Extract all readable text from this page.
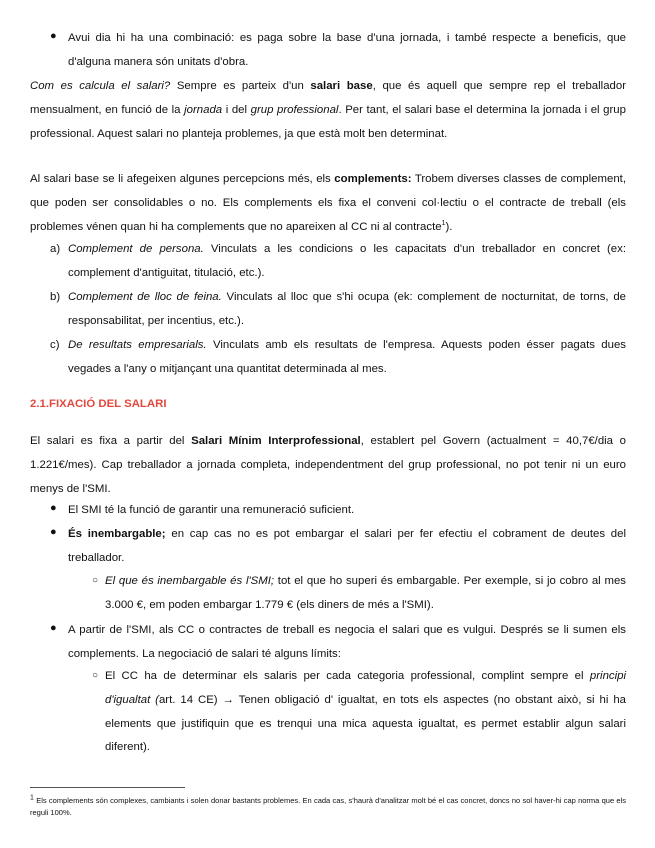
● Avui dia hi ha una combinació: es paga sobre la base d'una jornada, i també respecte a beneficis, que d'alguna manera són unitats d'obra.
Com es calcula el salari? Sempre es parteix d'un salari base, que és aquell que sempre rep el treballador mensualment, en funció de la jornada i del grup professional. Per tant, el salari base el determina la jornada i el grup professional. Aquest salari no planteja problemes, ja que està molt ben determinat.
Al salari base se li afegeixen algunes percepcions més, els complements: Trobem diverses classes de complement, que poden ser consolidables o no. Els complements els fixa el conveni col·lectiu o el contracte de treball (els problemes vénen quan hi ha complements que no apareixen al CC ni al contracte$^1$).
a) Complement de persona. Vinculats a les condicions o les capacitats d'un treballador en concret (ex: complement d'antiguitat, titulació, etc.).
b) Complement de lloc de feina. Vinculats al lloc que s'hi ocupa (ek: complement de nocturnitat, de torns, de responsabilitat, per incentius, etc.).
c) De resultats empresarials. Vinculats amb els resultats de l'empresa. Aquests poden ésser pagats dues vegades a l'any o mitjançant una quantitat determinada al mes.
2.1.FIXACIÓ DEL SALARI
El salari es fixa a partir del Salari Mínim Interprofessional, establert pel Govern (actualment = 40,7€/dia o 1.221€/mes). Cap treballador a jornada completa, independentment del grup professional, no pot tenir ni un euro menys de l'SMI.
● El SMI té la funció de garantir una remuneració suficient.
● És inembargable; en cap cas no es pot embargar el salari per fer efectiu el cobrament de deutes del treballador.
○ El que és inembargable és l'SMI; tot el que ho superi és embargable. Per exemple, si jo cobro al mes 3.000 €, em poden embargar 1.779 € (els diners de més a l'SMI).
● A partir de l'SMI, als CC o contractes de treball es negocia el salari que es vulgui. Després se li sumen els complements. La negociació de salari té alguns límits:
○ El CC ha de determinar els salaris per cada categoria professional, complint sempre el principi d'igualtat (art. 14 CE) → Tenen obligació d' igualtat, en tots els aspectes (no obstant això, si hi ha elements que justifiquin que es trenqui una mica aquesta igualtat, es permet establir algun salari diferent).
$^1$ Els complements són complexes, cambiants i solen donar bastants problemes. En cada cas, s'haurà d'analitzar molt bé el cas concret, doncs no sol haver-hi cap norma que els reguli 100%.
